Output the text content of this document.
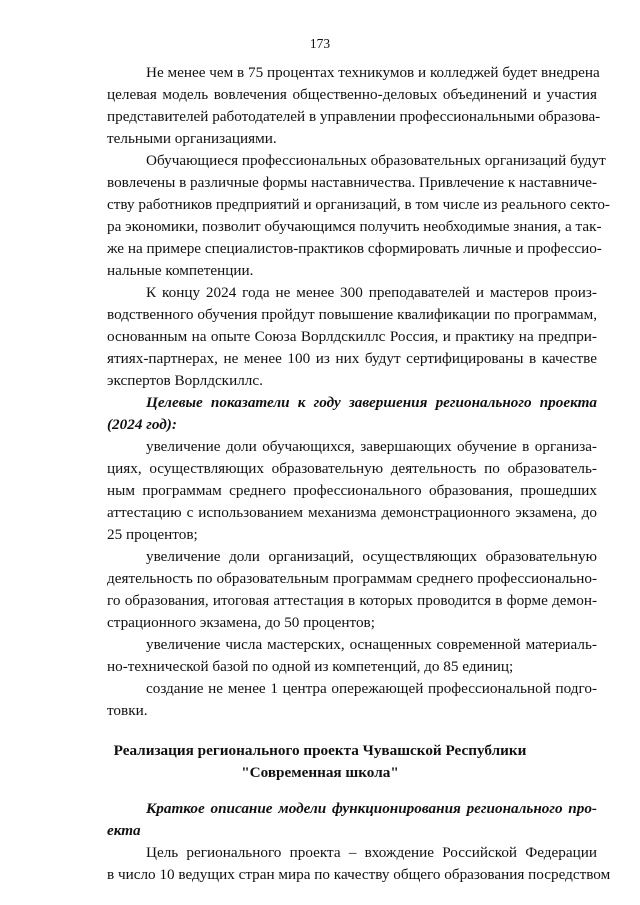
173
Не менее чем в 75 процентах техникумов и колледжей будет внедрена
целевая модель вовлечения общественно-деловых объединений и участия
представителей работодателей в управлении профессиональными образова-
тельными организациями.
Обучающиеся профессиональных образовательных организаций будут
вовлечены в различные формы наставничества. Привлечение к наставниче-
ству работников предприятий и организаций, в том числе из реального секто-
ра экономики, позволит обучающимся получить необходимые знания, а так-
же на примере специалистов-практиков сформировать личные и профессио-
нальные компетенции.
К концу 2024 года не менее 300 преподавателей и мастеров произ-
водственного обучения пройдут повышение квалификации по программам,
основанным на опыте Союза Ворлдскиллс Россия, и практику на предпри-
ятиях-партнерах, не менее 100 из них будут сертифицированы в качестве
экспертов Ворлдскиллс.
Целевые показатели к году завершения регионального проекта
(2024 год):
увеличение доли обучающихся, завершающих обучение в организа-
циях, осуществляющих образовательную деятельность по образователь-
ным программам среднего профессионального образования, прошедших
аттестацию с использованием механизма демонстрационного экзамена, до
25 процентов;
увеличение доли организаций, осуществляющих образовательную
деятельность по образовательным программам среднего профессионально-
го образования, итоговая аттестация в которых проводится в форме демон-
страционного экзамена, до 50 процентов;
увеличение числа мастерских, оснащенных современной материаль-
но-технической базой по одной из компетенций, до 85 единиц;
создание не менее 1 центра опережающей профессиональной подго-
товки.
Реализация регионального проекта Чувашской Республики
"Современная школа"
Краткое описание модели функционирования регионального про-
екта
Цель регионального проекта – вхождение Российской Федерации
в число 10 ведущих стран мира по качеству общего образования посредством
